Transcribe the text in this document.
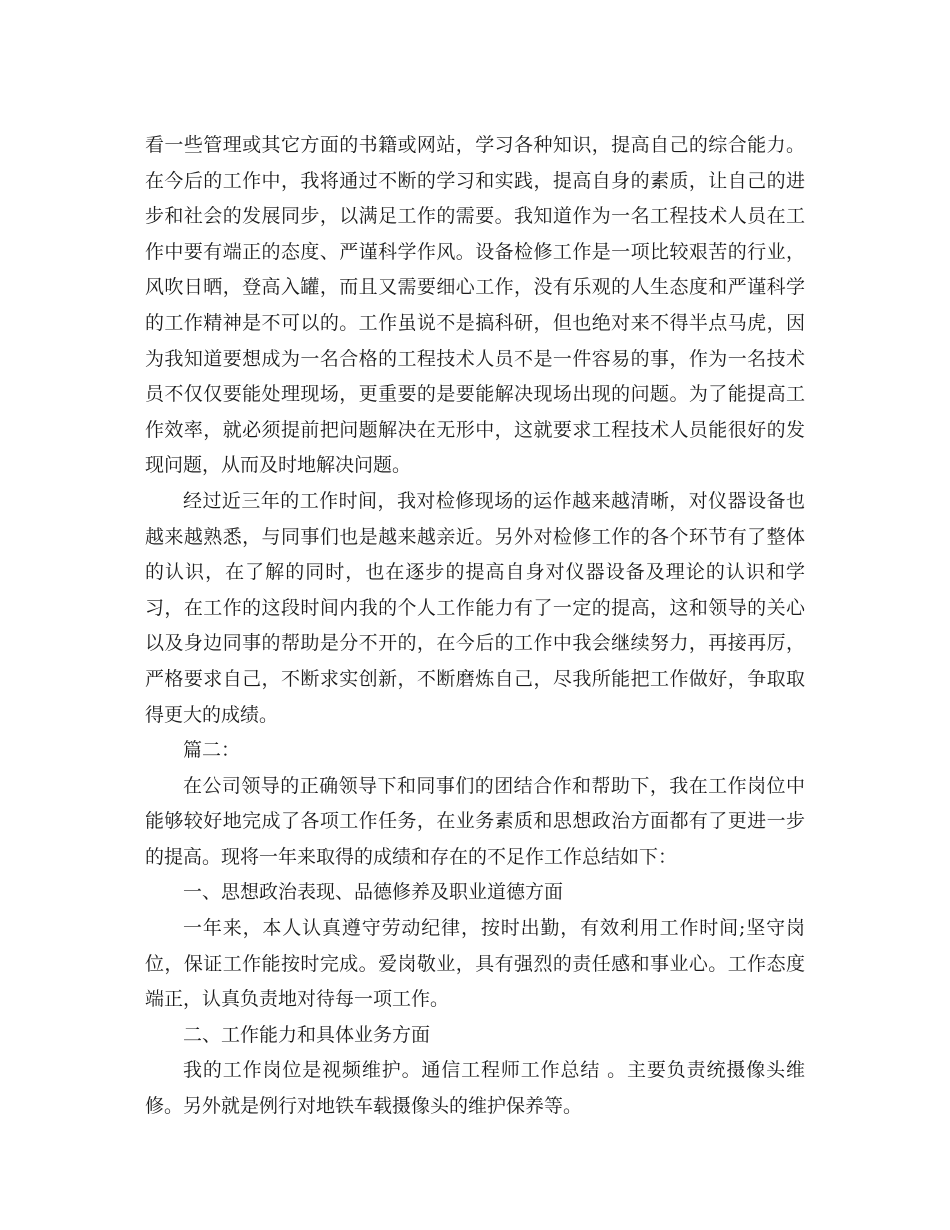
看一些管理或其它方面的书籍或网站，学习各种知识，提高自己的综合能力。在今后的工作中，我将通过不断的学习和实践，提高自身的素质，让自己的进步和社会的发展同步，以满足工作的需要。我知道作为一名工程技术人员在工作中要有端正的态度、严谨科学作风。设备检修工作是一项比较艰苦的行业，风吹日晒，登高入罐，而且又需要细心工作，没有乐观的人生态度和严谨科学的工作精神是不可以的。工作虽说不是搞科研，但也绝对来不得半点马虎，因为我知道要想成为一名合格的工程技术人员不是一件容易的事，作为一名技术员不仅仅要能处理现场，更重要的是要能解决现场出现的问题。为了能提高工作效率，就必须提前把问题解决在无形中，这就要求工程技术人员能很好的发现问题，从而及时地解决问题。

经过近三年的工作时间，我对检修现场的运作越来越清晰，对仪器设备也越来越熟悉，与同事们也是越来越亲近。另外对检修工作的各个环节有了整体的认识，在了解的同时，也在逐步的提高自身对仪器设备及理论的认识和学习，在工作的这段时间内我的个人工作能力有了一定的提高，这和领导的关心以及身边同事的帮助是分不开的，在今后的工作中我会继续努力，再接再厉，严格要求自己，不断求实创新，不断磨炼自己，尽我所能把工作做好，争取取得更大的成绩。

篇二：

在公司领导的正确领导下和同事们的团结合作和帮助下，我在工作岗位中能够较好地完成了各项工作任务，在业务素质和思想政治方面都有了更进一步的提高。现将一年来取得的成绩和存在的不足作工作总结如下：

一、思想政治表现、品德修养及职业道德方面

一年来，本人认真遵守劳动纪律，按时出勤，有效利用工作时间;坚守岗位，保证工作能按时完成。爱岗敬业，具有强烈的责任感和事业心。工作态度端正，认真负责地对待每一项工作。

二、工作能力和具体业务方面

我的工作岗位是视频维护。通信工程师工作总结 。主要负责统摄像头维修。另外就是例行对地铁车载摄像头的维护保养等。
